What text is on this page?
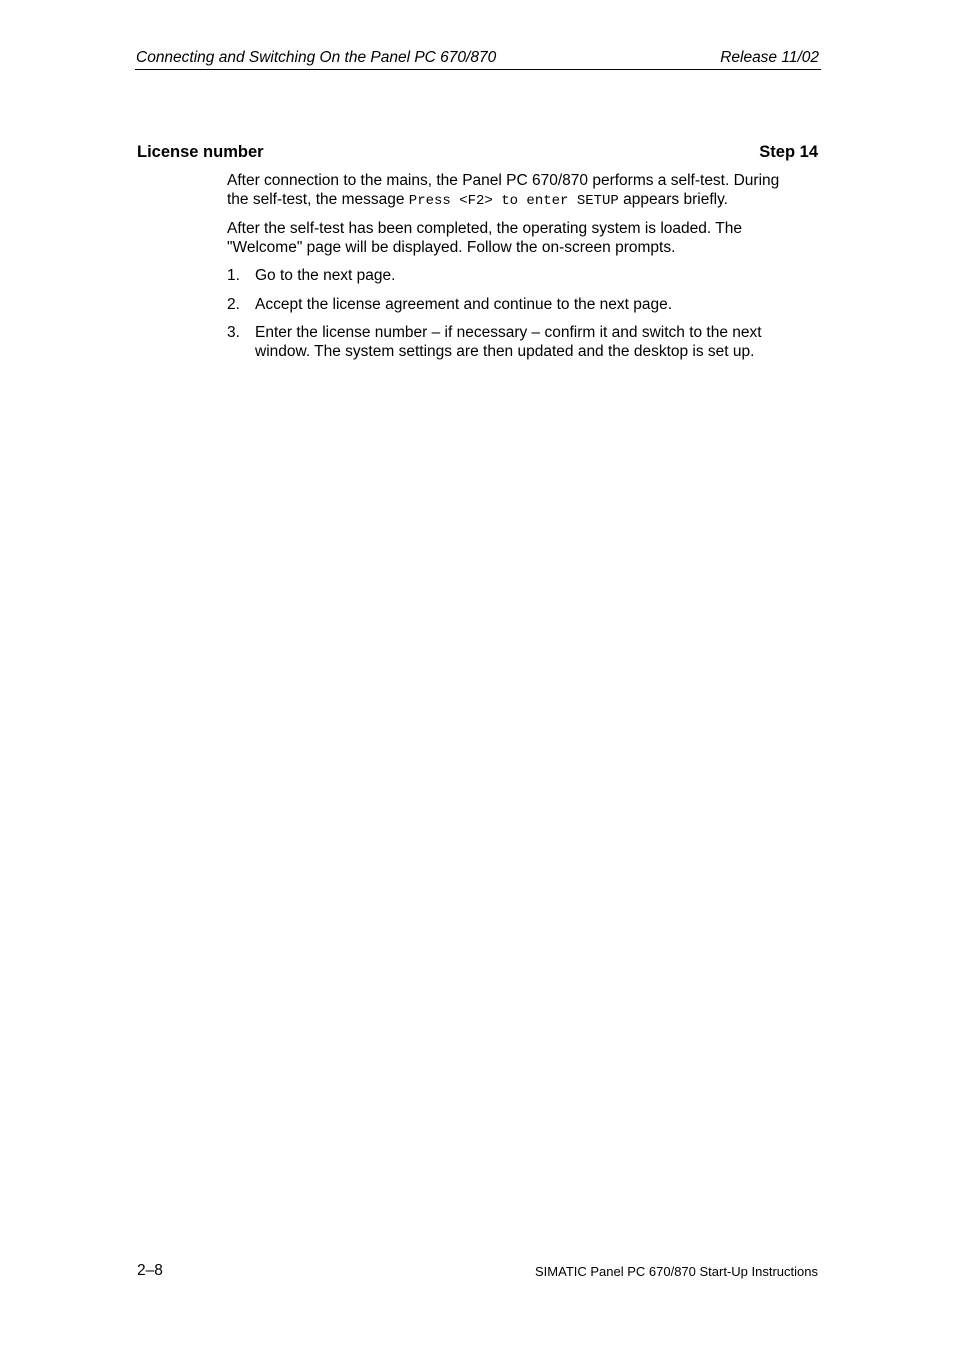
Connecting and Switching On the Panel PC 670/870	Release 11/02
License number	Step 14

After connection to the mains, the Panel PC 670/870 performs a self-test. During the self-test, the message Press <F2> to enter SETUP appears briefly.

After the self-test has been completed, the operating system is loaded. The "Welcome" page will be displayed. Follow the on-screen prompts.

1. Go to the next page.
2. Accept the license agreement and continue to the next page.
3. Enter the license number – if necessary – confirm it and switch to the next window. The system settings are then updated and the desktop is set up.
2–8	SIMATIC Panel PC 670/870 Start-Up Instructions
